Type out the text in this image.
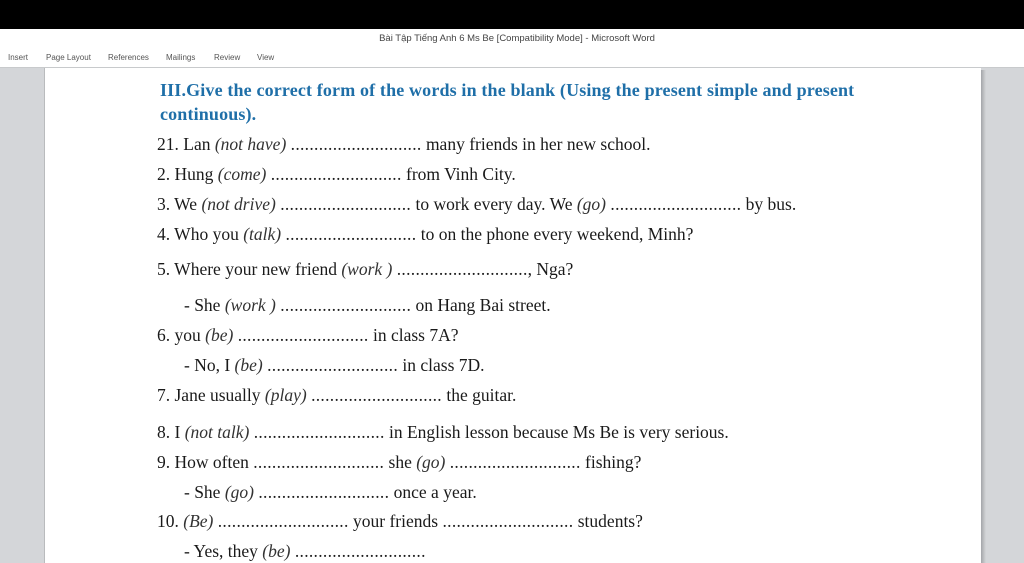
Bài Tập Tiếng Anh 6 Ms Be [Compatibility Mode] - Microsoft Word
Insert Page Layout References Mailings Review View
III.Give the correct form of the words in the blank (Using the present simple and present
continuous).
21. Lan (not have) ............................ many friends in her new school.
2. Hung (come) ............................ from Vinh City.
3. We (not drive) ............................ to work every day. We (go) ............................ by bus.
4. Who you (talk) ............................ to on the phone every weekend, Minh?
5. Where your new friend (work ) ............................, Nga?
- She (work ) ............................ on Hang Bai street.
6. you (be) ............................ in class 7A?
- No, I (be) ............................ in class 7D.
7. Jane usually (play) ............................ the guitar.
8. I (not talk) ............................ in English lesson because Ms Be is very serious.
9. How often ............................ she (go) ............................ fishing?
- She (go) ............................ once a year.
10. (Be) ............................ your friends ............................ students?
- Yes, they (be) ............................
